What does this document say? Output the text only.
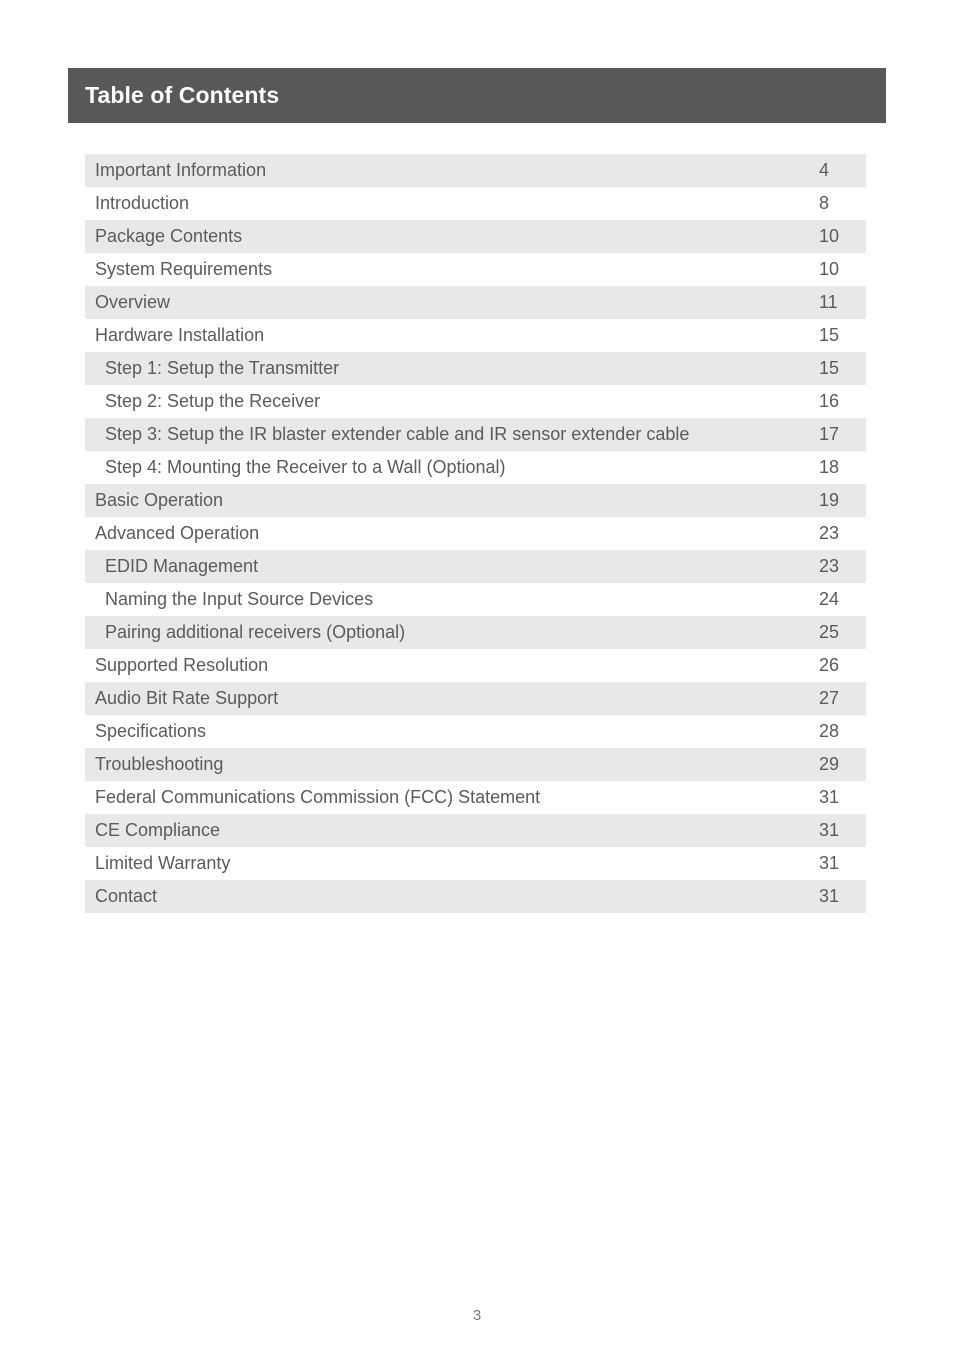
Table of Contents
Important Information	4
Introduction	8
Package Contents	10
System Requirements	10
Overview	11
Hardware Installation	15
Step 1: Setup the Transmitter	15
Step 2: Setup the Receiver	16
Step 3: Setup the IR blaster extender cable and IR sensor extender cable	17
Step 4: Mounting the Receiver to a Wall (Optional)	18
Basic Operation	19
Advanced Operation	23
EDID Management	23
Naming the Input Source Devices	24
Pairing additional receivers (Optional)	25
Supported Resolution	26
Audio Bit Rate Support	27
Specifications	28
Troubleshooting	29
Federal Communications Commission (FCC) Statement	31
CE Compliance	31
Limited Warranty	31
Contact	31
3
